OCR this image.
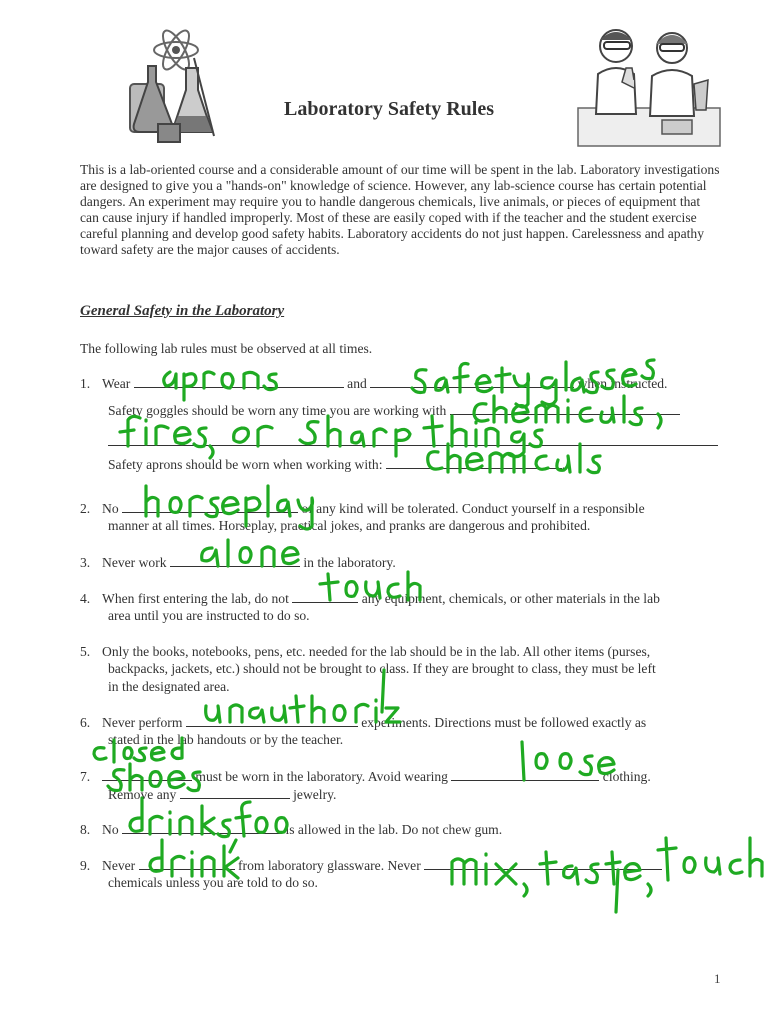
Laboratory Safety Rules
This is a lab-oriented course and a considerable amount of our time will be spent in the lab. Laboratory investigations are designed to give you a "hands-on" knowledge of science. However, any lab-science course has certain potential dangers. An experiment may require you to handle dangerous chemicals, live animals, or pieces of equipment that can cause injury if handled improperly. Most of these are easily coped with if the teacher and the student exercise careful planning and develop good safety habits. Laboratory accidents do not just happen. Carelessness and apathy toward safety are the major causes of accidents.
General Safety in the Laboratory
The following lab rules must be observed at all times.
1. Wear	and	when instructed.
Safety goggles should be worn any time you are working with
Safety aprons should be worn when working with:	.
2. No	of any kind will be tolerated. Conduct yourself in a responsible
manner at all times. Horseplay, practical jokes, and pranks are dangerous and prohibited.
3. Never work	in the laboratory.
4. When first entering the lab, do not	any equipment, chemicals, or other materials in the lab
area until you are instructed to do so.
5. Only the books, notebooks, pens, etc. needed for the lab should be in the lab. All other items (purses,
backpacks, jackets, etc.) should not be brought to class. If they are brought to class, they must be left
in the designated area.
6. Never perform	experiments. Directions must be followed exactly as
stated in the lab handouts or by the teacher.
7.	must be worn in the laboratory. Avoid wearing	clothing.
Remove any	jewelry.
8. No	is allowed in the lab. Do not chew gum.
9. Never	from laboratory glassware. Never
chemicals unless you are told to do so.
1
